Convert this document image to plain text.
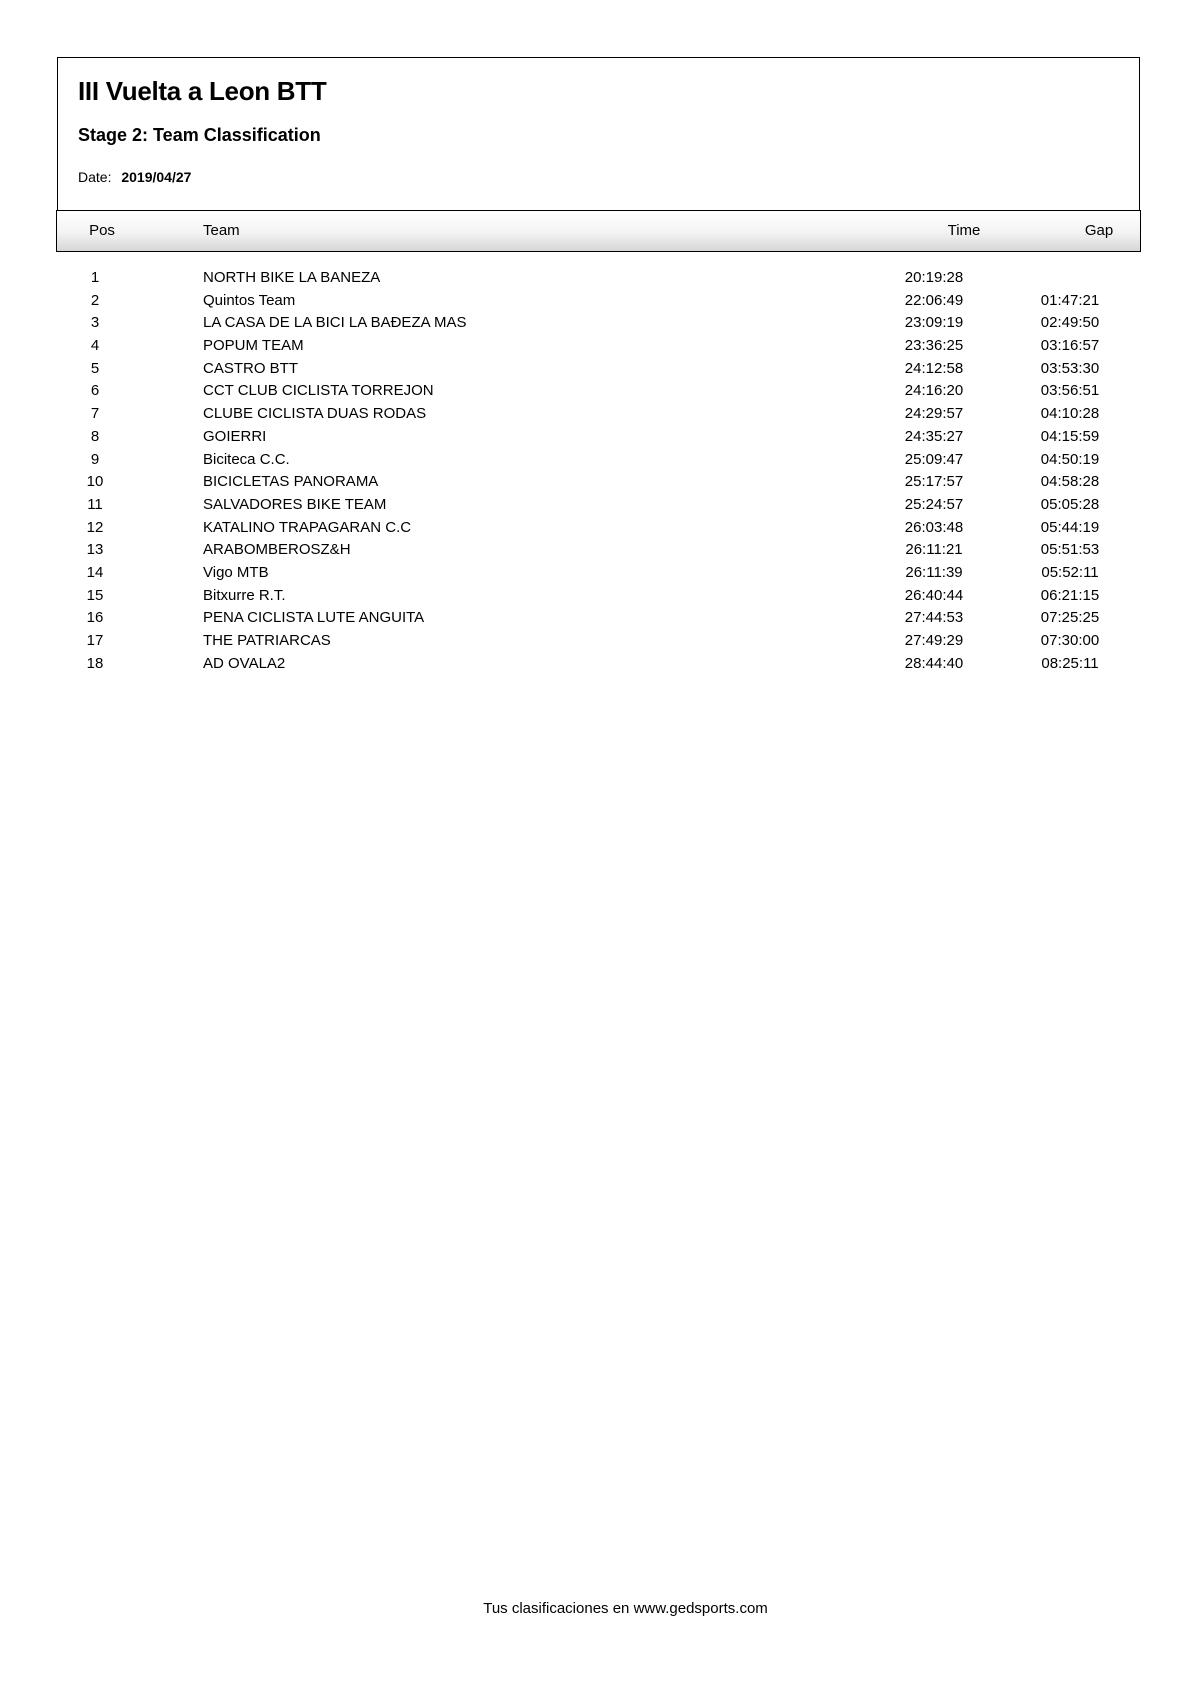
III Vuelta a Leon BTT
Stage 2: Team Classification
Date: 2019/04/27
Pos	Team	Time	Gap
1	NORTH BIKE LA BANEZA	20:19:28
2	Quintos Team	22:06:49	01:47:21
3	LA CASA DE LA BICI LA BAÐEZA MAS	23:09:19	02:49:50
4	POPUM TEAM	23:36:25	03:16:57
5	CASTRO BTT	24:12:58	03:53:30
6	CCT CLUB CICLISTA TORREJON	24:16:20	03:56:51
7	CLUBE CICLISTA DUAS RODAS	24:29:57	04:10:28
8	GOIERRI	24:35:27	04:15:59
9	Biciteca C.C.	25:09:47	04:50:19
10	BICICLETAS PANORAMA	25:17:57	04:58:28
11	SALVADORES BIKE TEAM	25:24:57	05:05:28
12	KATALINO TRAPAGARAN C.C	26:03:48	05:44:19
13	ARABOMBEROSZ&H	26:11:21	05:51:53
14	Vigo MTB	26:11:39	05:52:11
15	Bitxurre R.T.	26:40:44	06:21:15
16	PENA CICLISTA LUTE ANGUITA	27:44:53	07:25:25
17	THE PATRIARCAS	27:49:29	07:30:00
18	AD OVALA2	28:44:40	08:25:11
Tus clasificaciones en www.gedsports.com
